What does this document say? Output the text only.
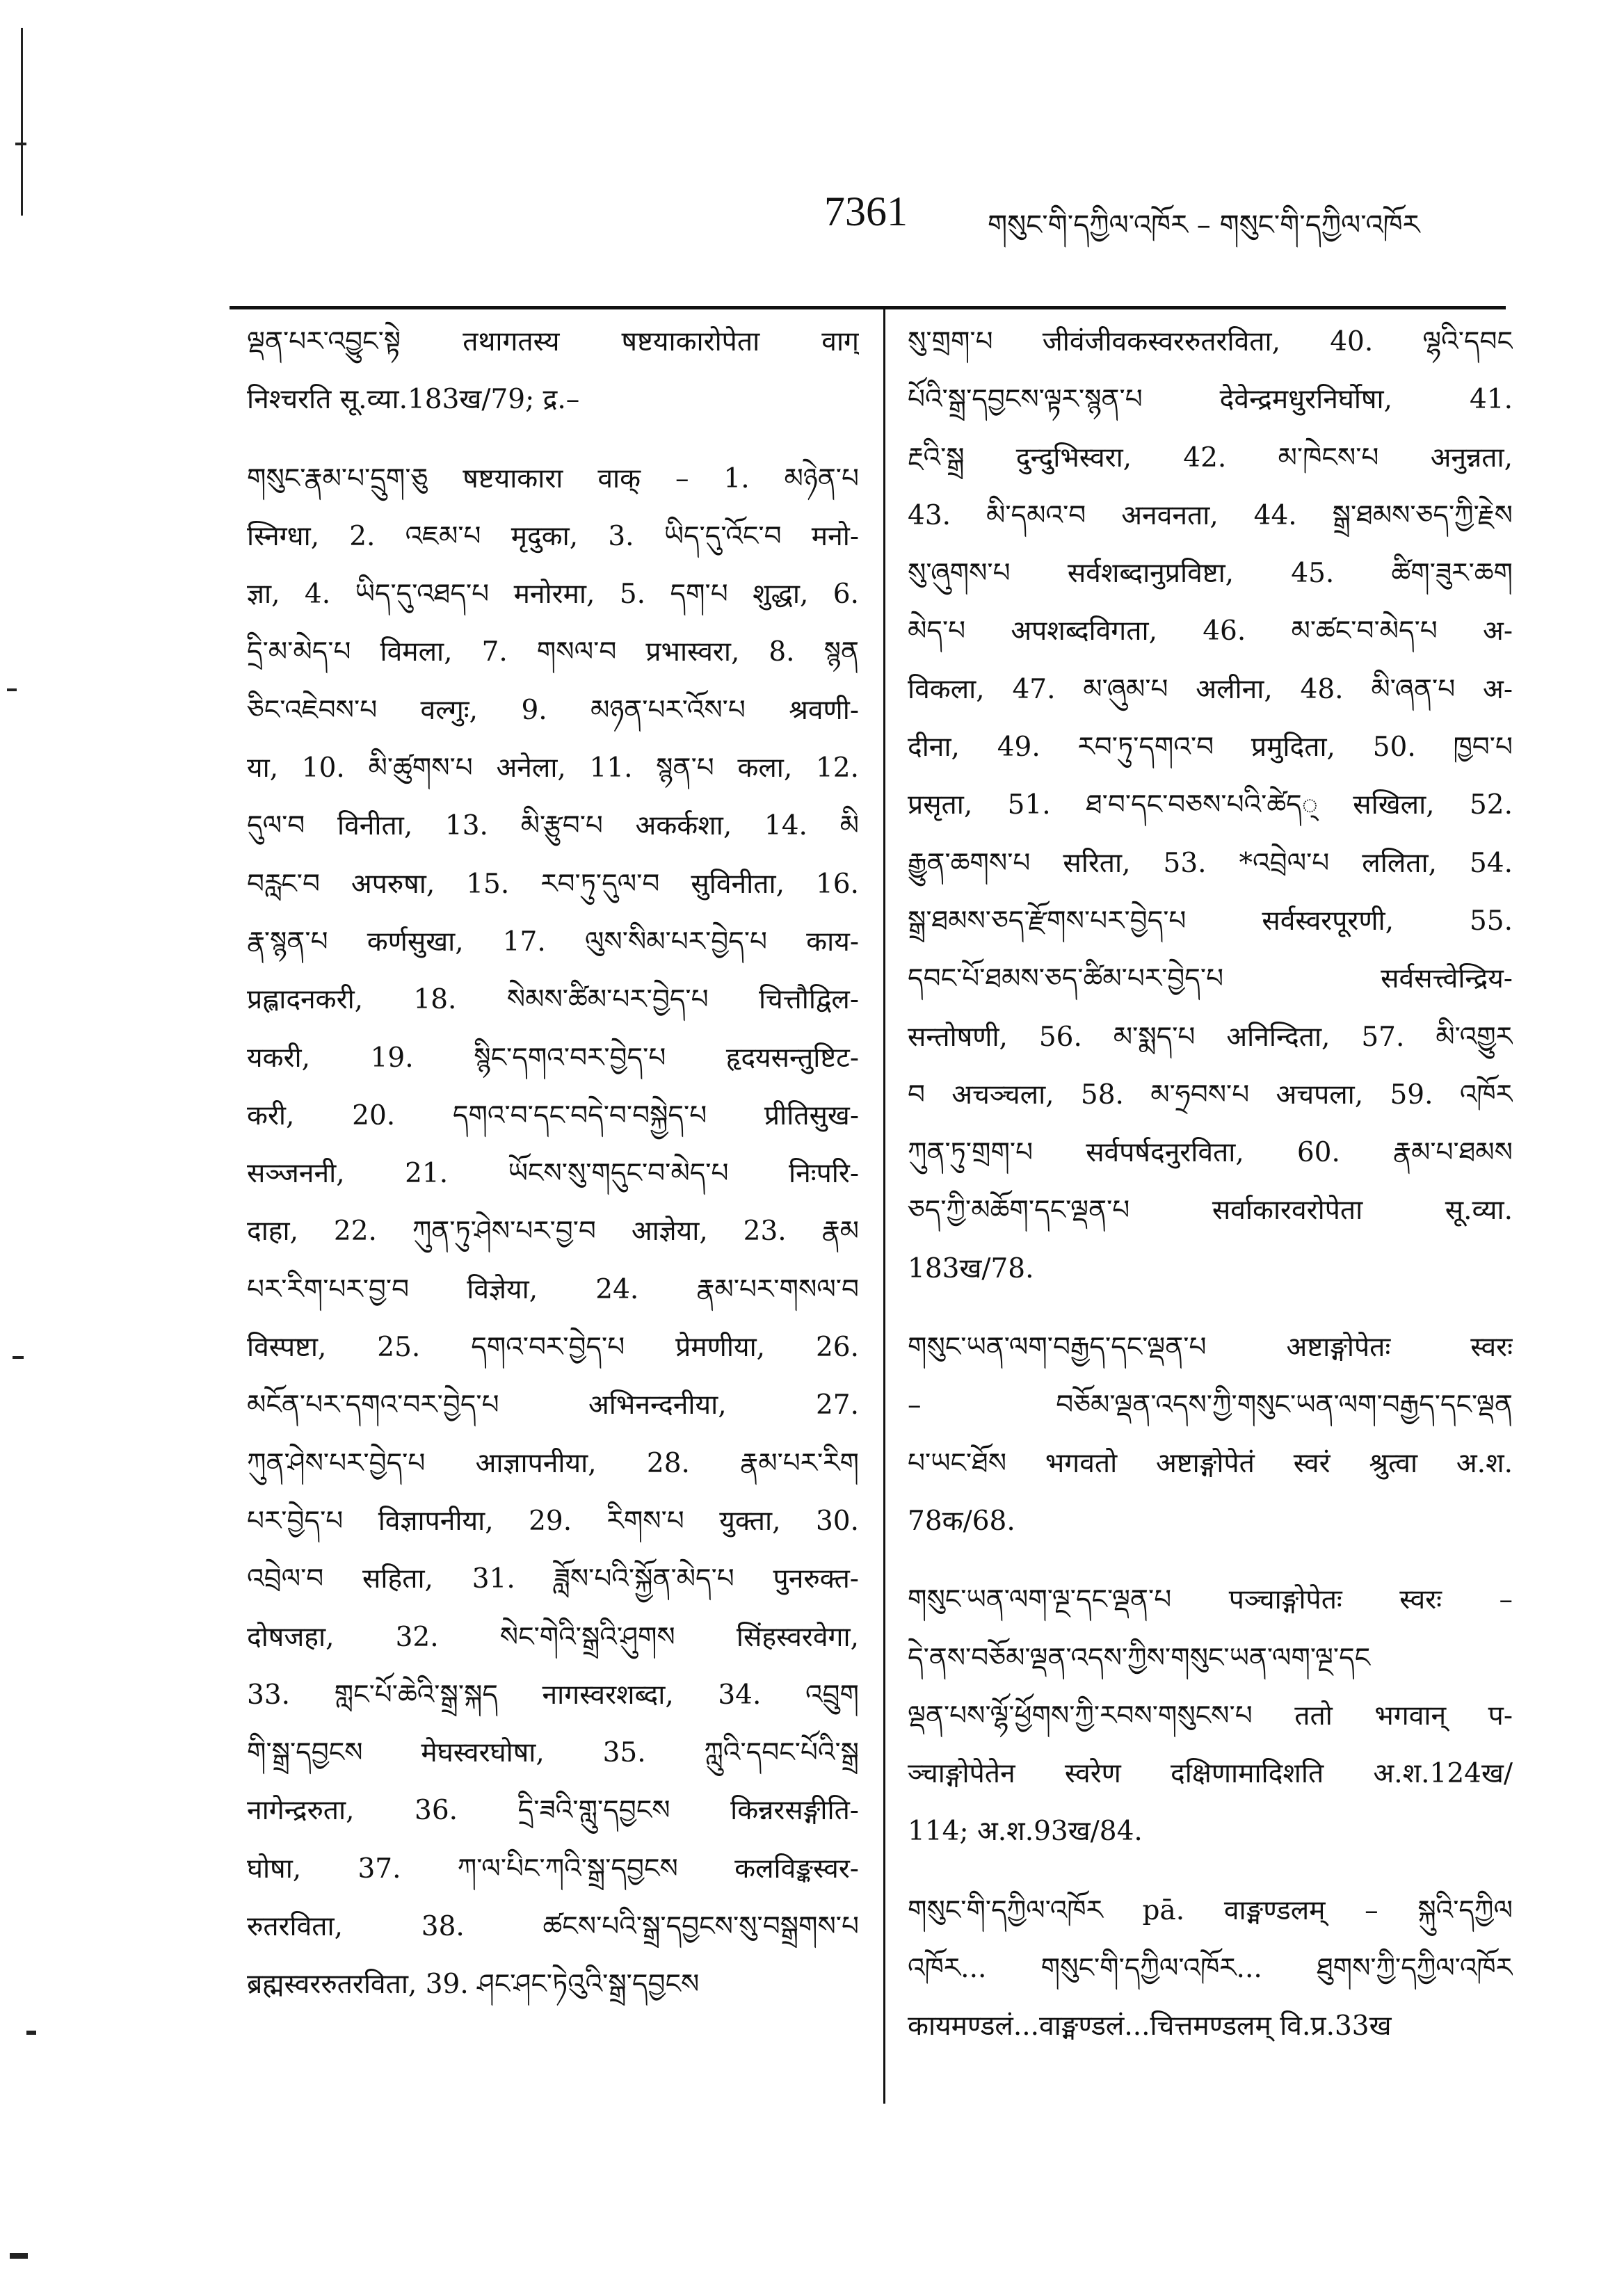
7361	གསུང་གི་དཀྱིལ་འཁོར – གསུང་གི་དཀྱིལ་འཁོར

ལྡན་པར་འབྱུང་སྟེ तथागतस्य षष्टयाकारोपेता वाग्
निश्चरति सू.व्या.183ख/79; द्र.–

གསུང་རྣམ་པ་དྲུག་ཅུ षष्टयाकारा वाक् – 1. མཉེན་པ
स्निग्धा, 2. འཇམ་པ मृदुका, 3. ཡིད་དུ་འོང་བ मनो-
ज्ञा, 4. ཡིད་དུ་འཐད་པ मनोरमा, 5. དག་པ शुद्धा, 6.
དྲི་མ་མེད་པ विमला, 7. གསལ་བ प्रभास्वरा, 8. སྙན
ཅིང་འཇེབས་པ वल्गुः, 9. མཉན་པར་འོས་པ श्रवणी-
या, 10. མི་ཚུགས་པ अनेला, 11. སྙན་པ कला, 12.
དུལ་བ विनीता, 13. མི་རྩུབ་པ अकर्कशा, 14. མི
བརླང་བ अपरुषा, 15. རབ་ཏུ་དུལ་བ सुविनीता, 16.
རྣ་སྙན་པ कर्णसुखा, 17. ལུས་སིམ་པར་བྱེད་པ काय-
प्रह्लादनकरी, 18. སེམས་ཚིམ་པར་བྱེད་པ चित्तौद्विल-
यकरी, 19. སྙིང་དགའ་བར་བྱེད་པ हृदयसन्तुष्टिट-
करी, 20. དགའ་བ་དང་བདེ་བ་བསྐྱེད་པ प्रीतिसुख-
सञ्जननी, 21. ཡོངས་སུ་གདུང་བ་མེད་པ निःपरि-
दाहा, 22. ཀུན་ཏུ་ཤེས་པར་བྱ་བ आज्ञेया, 23. རྣམ
པར་རིག་པར་བྱ་བ विज्ञेया, 24. རྣམ་པར་གསལ་བ
विस्पष्टा, 25. དགའ་བར་བྱེད་པ प्रेमणीया, 26.
མངོན་པར་དགའ་བར་བྱེད་པ अभिनन्दनीया, 27.
ཀུན་ཤེས་པར་བྱེད་པ आज्ञापनीया, 28. རྣམ་པར་རིག
པར་བྱེད་པ विज्ञापनीया, 29. རིགས་པ युक्ता, 30.
འབྲེལ་བ सहिता, 31. ཟློས་པའི་སྐྱོན་མེད་པ पुनरुक्त-
दोषजहा, 32. སེང་གེའི་སྒྲའི་ཤུགས सिंहस्वरवेगा,
33. གླང་པོ་ཆེའི་སྒྲ་སྐད नागस्वरशब्दा, 34. འབྲུག
གི་སྒྲ་དབྱངས मेघस्वरघोषा, 35. ཀླུའི་དབང་པོའི་སྒྲ
नागेन्द्ररुता, 36. དྲི་ཟའི་གླུ་དབྱངས किन्नरसङ्गीति-
घोषा, 37. ཀ་ལ་པིང་ཀའི་སྒྲ་དབྱངས कलविङ्कस्वर-
रुतरविता, 38. ཚངས་པའི་སྒྲ་དབྱངས་སུ་བསྒྲགས་པ
ब्रह्मस्वररुतरविता, 39. ཤང་ཤང་ཏེའུའི་སྒྲ་དབྱངས

སུ་གྲག་པ जीवंजीवकस्वररुतरविता, 40. ལྷའི་དབང
པོའི་སྒྲ་དབྱངས་ལྟར་སྙན་པ देवेन्द्रमधुरनिर्घोषा, 41.
རྔའི་སྒྲ दुन्दुभिस्वरा, 42. མ་ཁེངས་པ अनुन्नता,
43. མི་དམའ་བ अनवनता, 44. སྒྲ་ཐམས་ཅད་ཀྱི་རྗེས
སུ་ཞུགས་པ सर्वशब्दानुप्रविष्टा, 45. ཚིག་ཟུར་ཆག
མེད་པ अपशब्दविगता, 46. མ་ཚང་བ་མེད་པ अ-
विकला, 47. མ་ཞུམ་པ अलीना, 48. མི་ཞན་པ अ-
दीना, 49. རབ་ཏུ་དགའ་བ प्रमुदिता, 50. ཁྱབ་པ
प्रसृता, 51. ཐ་བ་དང་བཅས་པའི་ཚེད् सखिला, 52.
རྒྱུན་ཆགས་པ सरिता, 53. *འབྲེལ་པ ललिता, 54.
སྒྲ་ཐམས་ཅད་རྫོགས་པར་བྱེད་པ सर्वस्वरपूरणी, 55.
དབང་པོ་ཐམས་ཅད་ཚིམ་པར་བྱེད་པ सर्वसत्त्वेन्द्रिय-
सन्तोषणी, 56. མ་སྨད་པ अनिन्दिता, 57. མི་འགྱུར
བ अचञ्चला, 58. མ་ཧྲབས་པ अचपला, 59. འཁོར
ཀུན་ཏུ་གྲག་པ सर्वपर्षदनुरविता, 60. རྣམ་པ་ཐམས
ཅད་ཀྱི་མཆོག་དང་ལྡན་པ सर्वाकारवरोपेता सू.व्या.
183ख/78.

གསུང་ཡན་ལག་བརྒྱད་དང་ལྡན་པ अष्टाङ्गोपेतः स्वरः
– བཅོམ་ལྡན་འདས་ཀྱི་གསུང་ཡན་ལག་བརྒྱད་དང་ལྡན
པ་ཡང་ཐོས भगवतो अष्टाङ्गोपेतं स्वरं श्रुत्वा अ.श.
78क/68.

གསུང་ཡན་ལག་ལྔ་དང་ལྡན་པ पञ्चाङ्गोपेतः स्वरः –
དེ་ནས་བཅོམ་ལྡན་འདས་ཀྱིས་གསུང་ཡན་ལག་ལྔ་དང
ལྡན་པས་ལྷོ་ཕྱོགས་ཀྱི་རབས་གསུངས་པ ततो भगवान् प-
ञ्चाङ्गोपेतेन स्वरेण दक्षिणामादिशति अ.श.124ख/
114; अ.श.93ख/84.

གསུང་གི་དཀྱིལ་འཁོར pā. वाङ्मण्डलम् – སྐུའི་དཀྱིལ
འཁོར... གསུང་གི་དཀྱིལ་འཁོར... ཐུགས་ཀྱི་དཀྱིལ་འཁོར
कायमण्डलं...वाङ्मण्डलं...चित्तमण्डलम् वि.प्र.33ख
